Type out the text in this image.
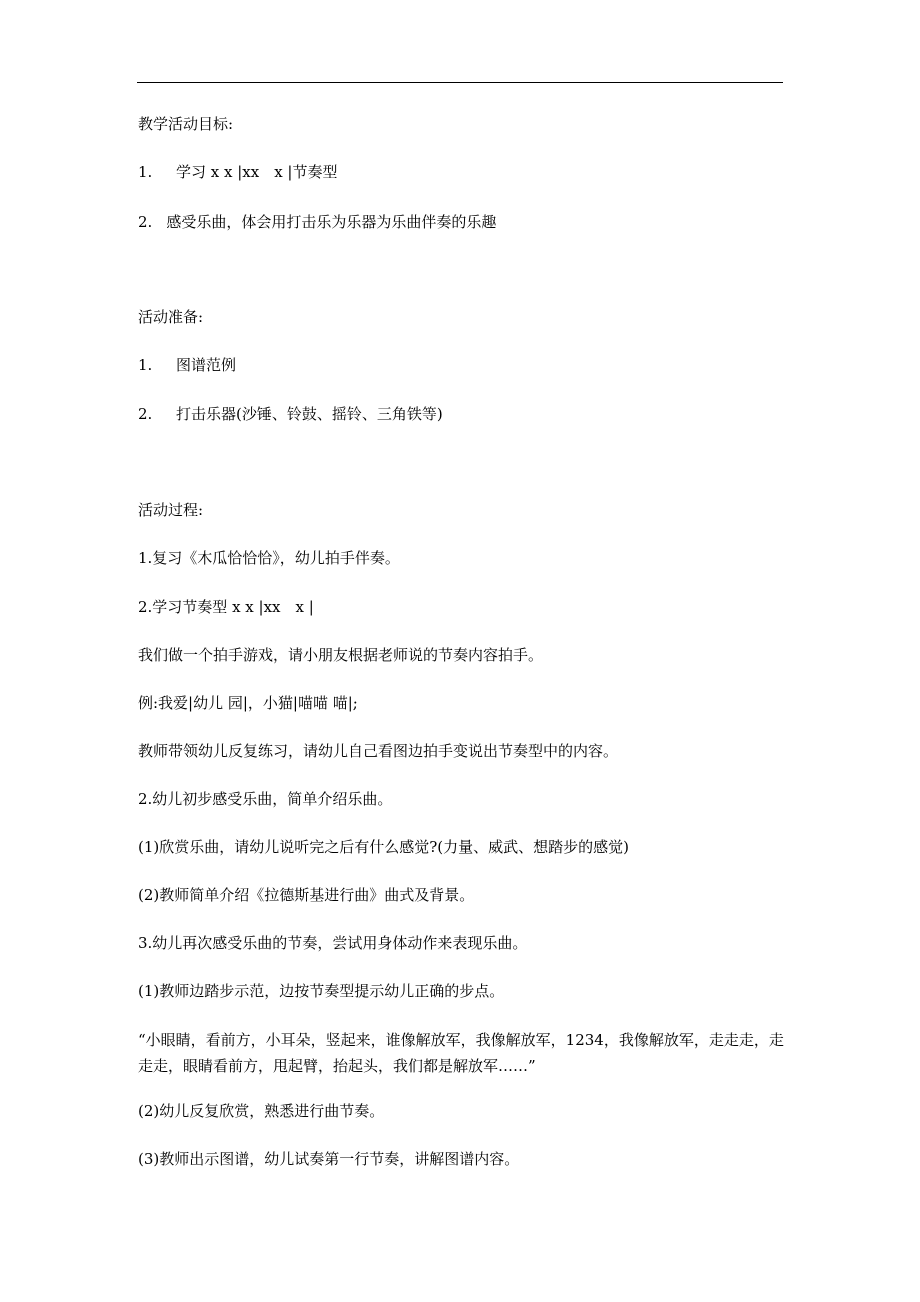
教学活动目标:
1. 学习 x x |xx　x |节奏型
2. 感受乐曲，体会用打击乐为乐器为乐曲伴奏的乐趣
活动准备:
1. 图谱范例
2. 打击乐器(沙锤、铃鼓、摇铃、三角铁等)
活动过程:
1.复习《木瓜恰恰恰》，幼儿拍手伴奏。
2.学习节奏型 x x |xx　x |
我们做一个拍手游戏，请小朋友根据老师说的节奏内容拍手。
例:我爱|幼儿 园|，小猫|喵喵 喵|;
教师带领幼儿反复练习，请幼儿自己看图边拍手变说出节奏型中的内容。
2.幼儿初步感受乐曲，简单介绍乐曲。
(1)欣赏乐曲，请幼儿说听完之后有什么感觉?(力量、威武、想踏步的感觉)
(2)教师简单介绍《拉德斯基进行曲》曲式及背景。
3.幼儿再次感受乐曲的节奏，尝试用身体动作来表现乐曲。
(1)教师边踏步示范，边按节奏型提示幼儿正确的步点。
“小眼睛，看前方，小耳朵，竖起来，谁像解放军，我像解放军，1234，我像解放军，走走走，走走走，眼睛看前方，甩起臂，抬起头，我们都是解放军……”
(2)幼儿反复欣赏，熟悉进行曲节奏。
(3)教师出示图谱，幼儿试奏第一行节奏，讲解图谱内容。
